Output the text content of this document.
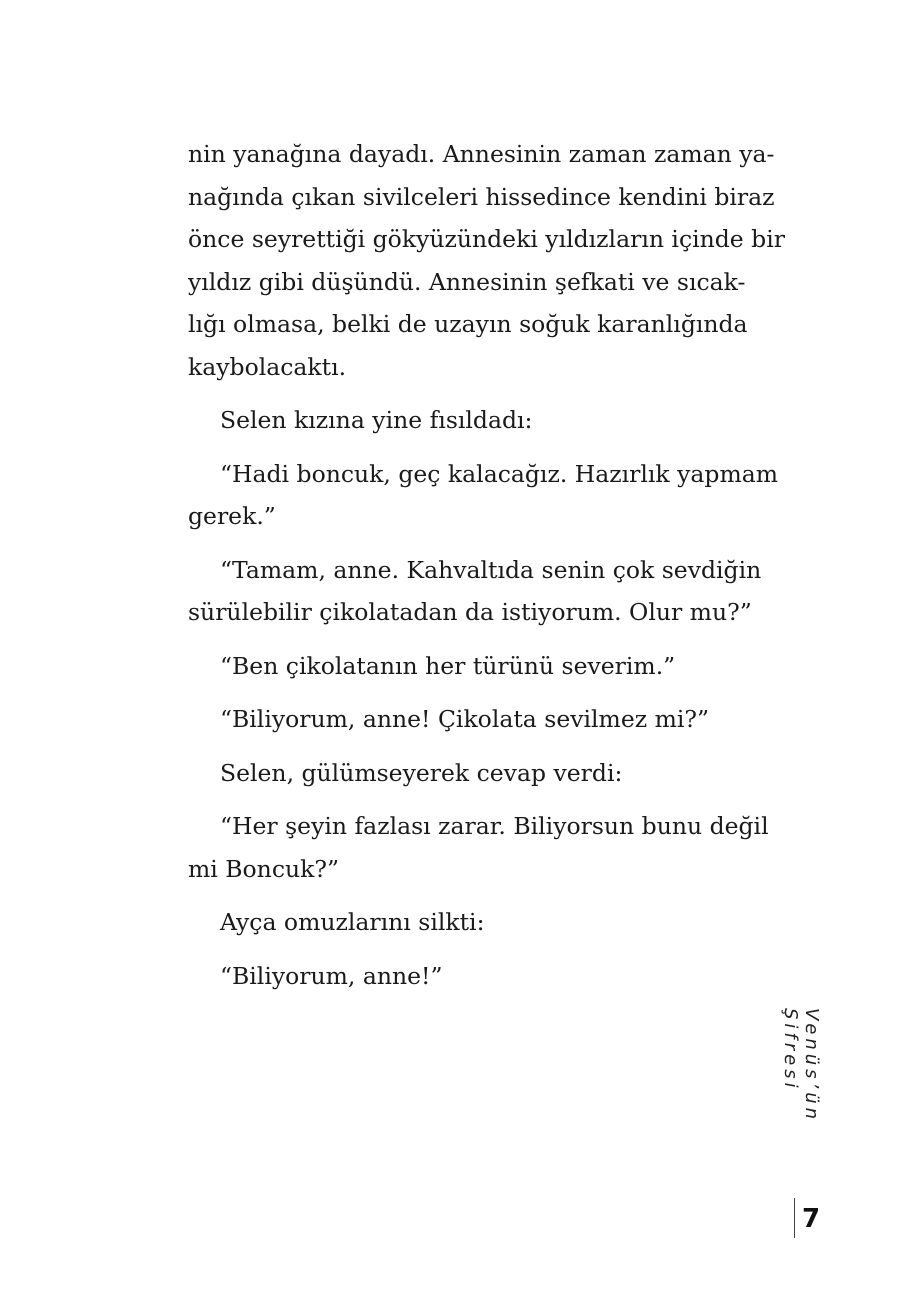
nin yanağına dayadı. Annesinin zaman zaman ya-
nağında çıkan sivilceleri hissedince kendini biraz
önce seyrettiği gökyüzündeki yıldızların içinde bir
yıldız gibi düşündü. Annesinin şefkati ve sıcak-
lığı olmasa, belki de uzayın soğuk karanlığında
kaybolacaktı.

Selen kızına yine fısıldadı:

“Hadi boncuk, geç kalacağız. Hazırlık yapmam
gerek.”

“Tamam, anne. Kahvaltıda senin çok sevdiğin
sürülebilir çikolatadan da istiyorum. Olur mu?”

“Ben çikolatanın her türünü severim.”

“Biliyorum, anne! Çikolata sevilmez mi?”

Selen, gülümseyerek cevap verdi:

“Her şeyin fazlası zarar. Biliyorsun bunu değil
mi Boncuk?”

Ayça omuzlarını silkti:

“Biliyorum, anne!”

Venüs’ün Şifresi
7
